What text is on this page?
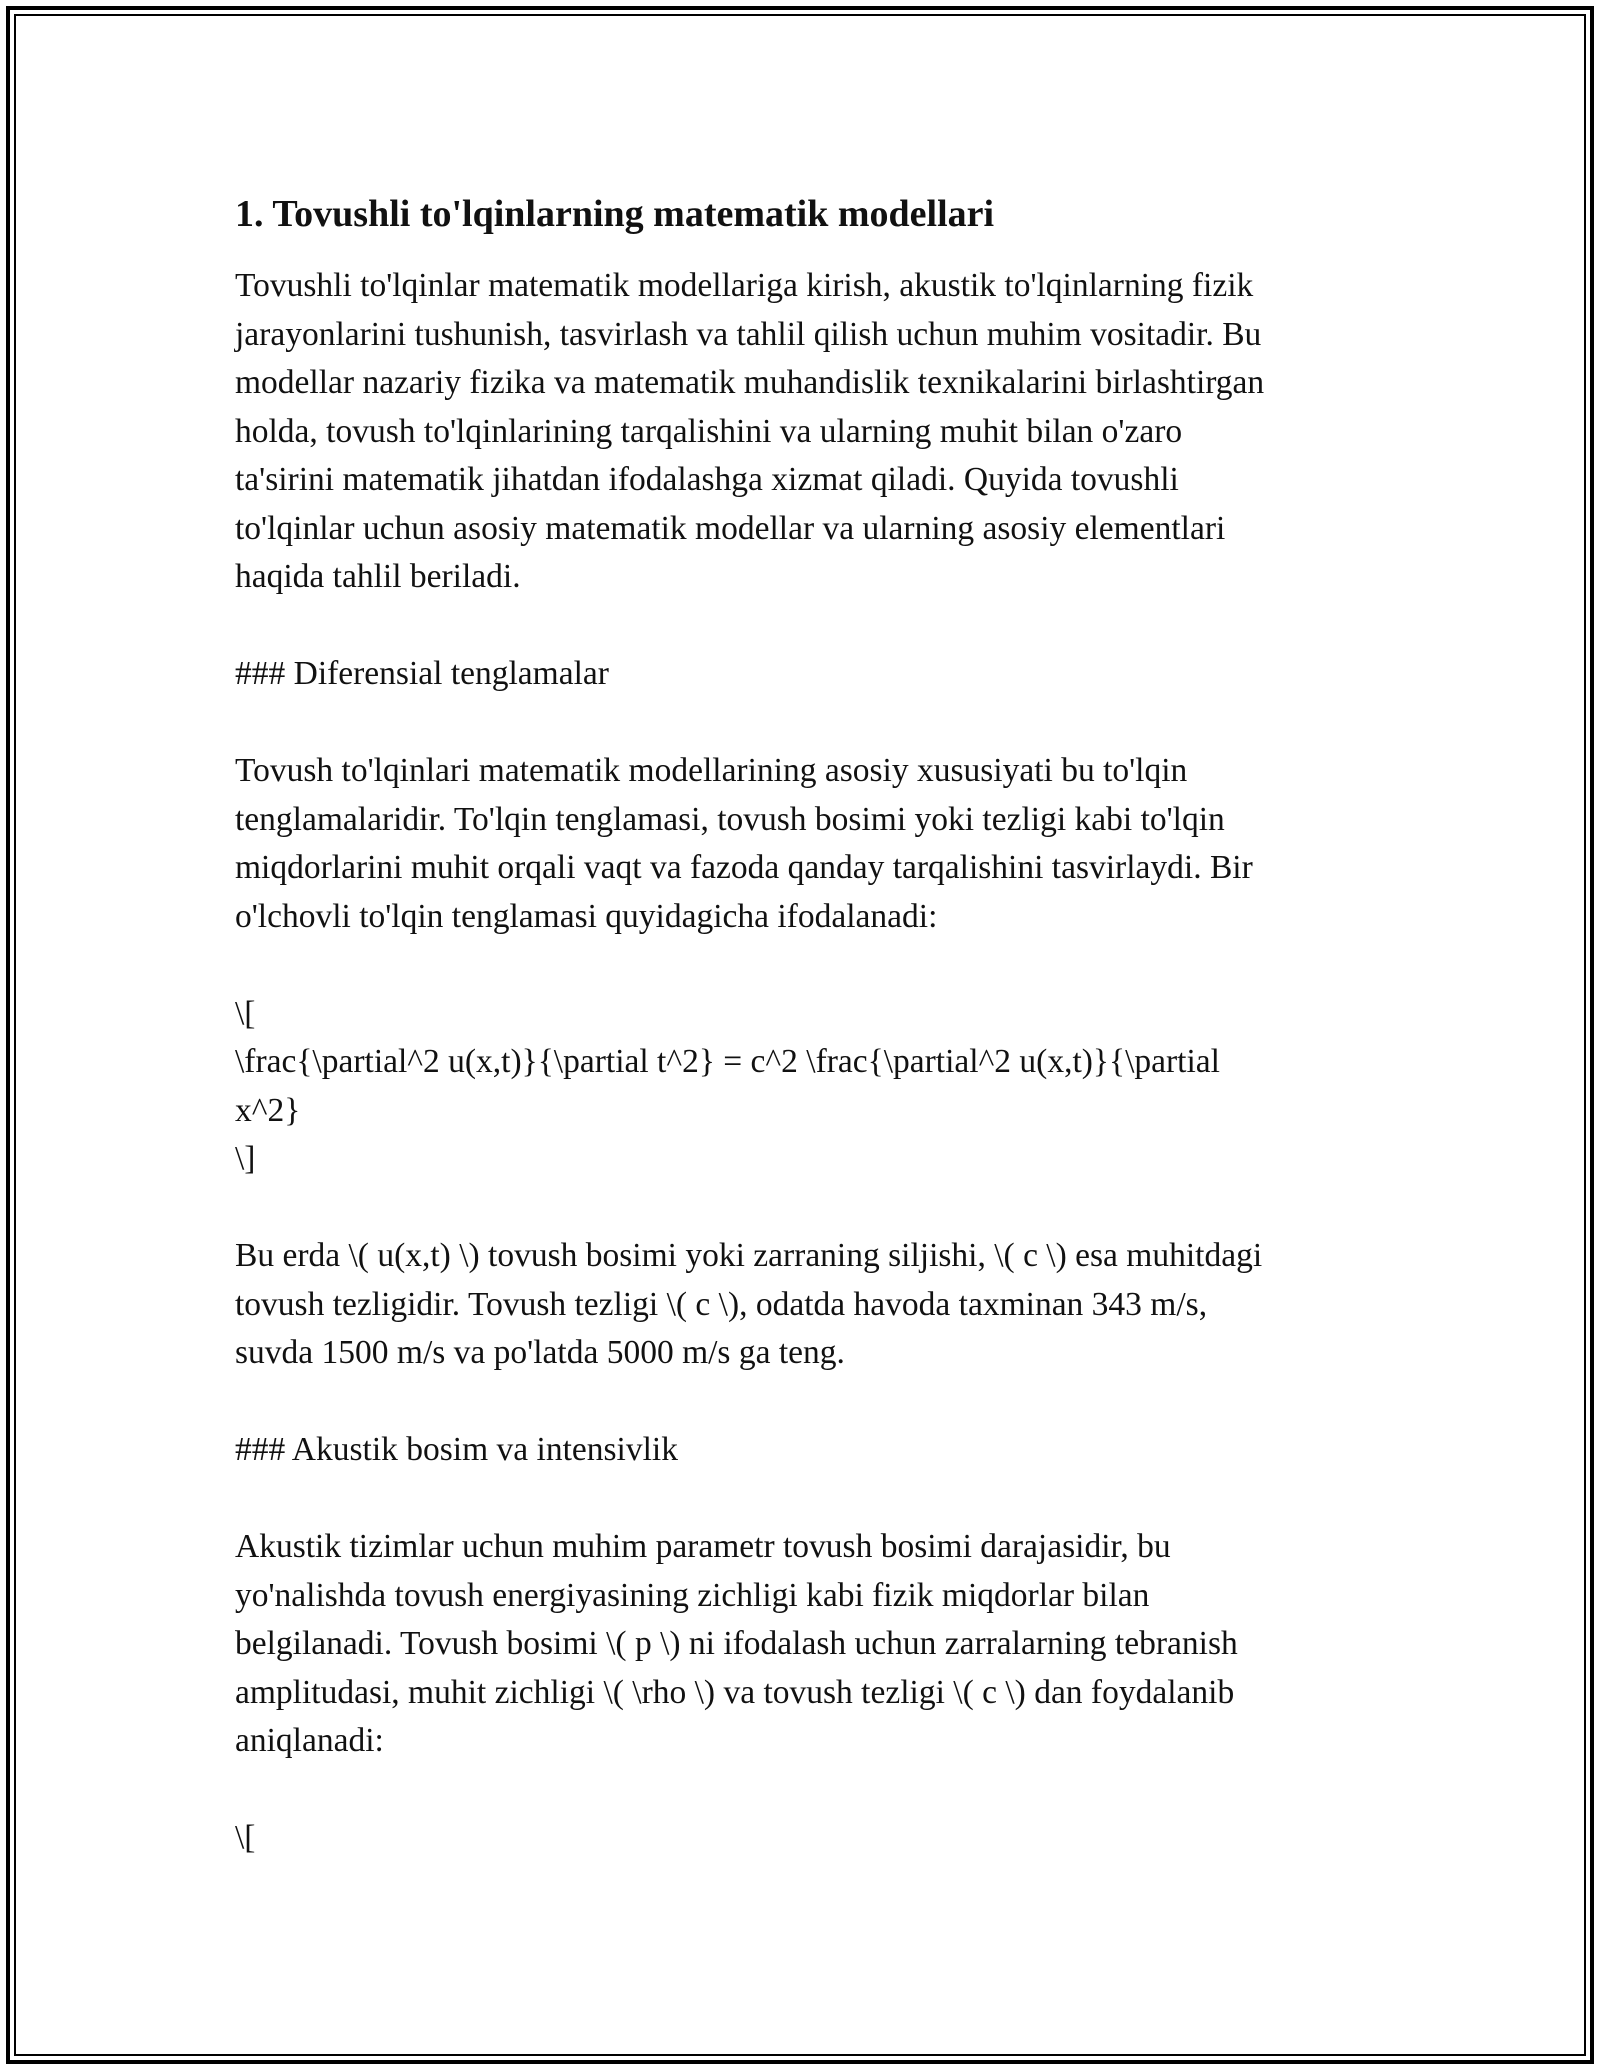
1. Tovushli to'lqinlarning matematik modellari
Tovushli to'lqinlar matematik modellariga kirish, akustik to'lqinlarning fizik
jarayonlarini tushunish, tasvirlash va tahlil qilish uchun muhim vositadir. Bu
modellar nazariy fizika va matematik muhandislik texnikalarini birlashtirgan
holda, tovush to'lqinlarining tarqalishini va ularning muhit bilan o'zaro
ta'sirini matematik jihatdan ifodalashga xizmat qiladi. Quyida tovushli
to'lqinlar uchun asosiy matematik modellar va ularning asosiy elementlari
haqida tahlil beriladi.
### Diferensial tenglamalar
Tovush to'lqinlari matematik modellarining asosiy xususiyati bu to'lqin
tenglamalaridir. To'lqin tenglamasi, tovush bosimi yoki tezligi kabi to'lqin
miqdorlarini muhit orqali vaqt va fazoda qanday tarqalishini tasvirlaydi. Bir
o'lchovli to'lqin tenglamasi quyidagicha ifodalanadi:
\[
\frac{\partial^2 u(x,t)}{\partial t^2} = c^2 \frac{\partial^2 u(x,t)}{\partial
x^2}
\]
Bu erda \( u(x,t) \) tovush bosimi yoki zarraning siljishi, \( c \) esa muhitdagi
tovush tezligidir. Tovush tezligi \( c \), odatda havoda taxminan 343 m/s,
suvda 1500 m/s va po'latda 5000 m/s ga teng.
### Akustik bosim va intensivlik
Akustik tizimlar uchun muhim parametr tovush bosimi darajasidir, bu
yo'nalishda tovush energiyasining zichligi kabi fizik miqdorlar bilan
belgilanadi. Tovush bosimi \( p \) ni ifodalash uchun zarralarning tebranish
amplitudasi, muhit zichligi \( \rho \) va tovush tezligi \( c \) dan foydalanib
aniqlanadi:
\[
